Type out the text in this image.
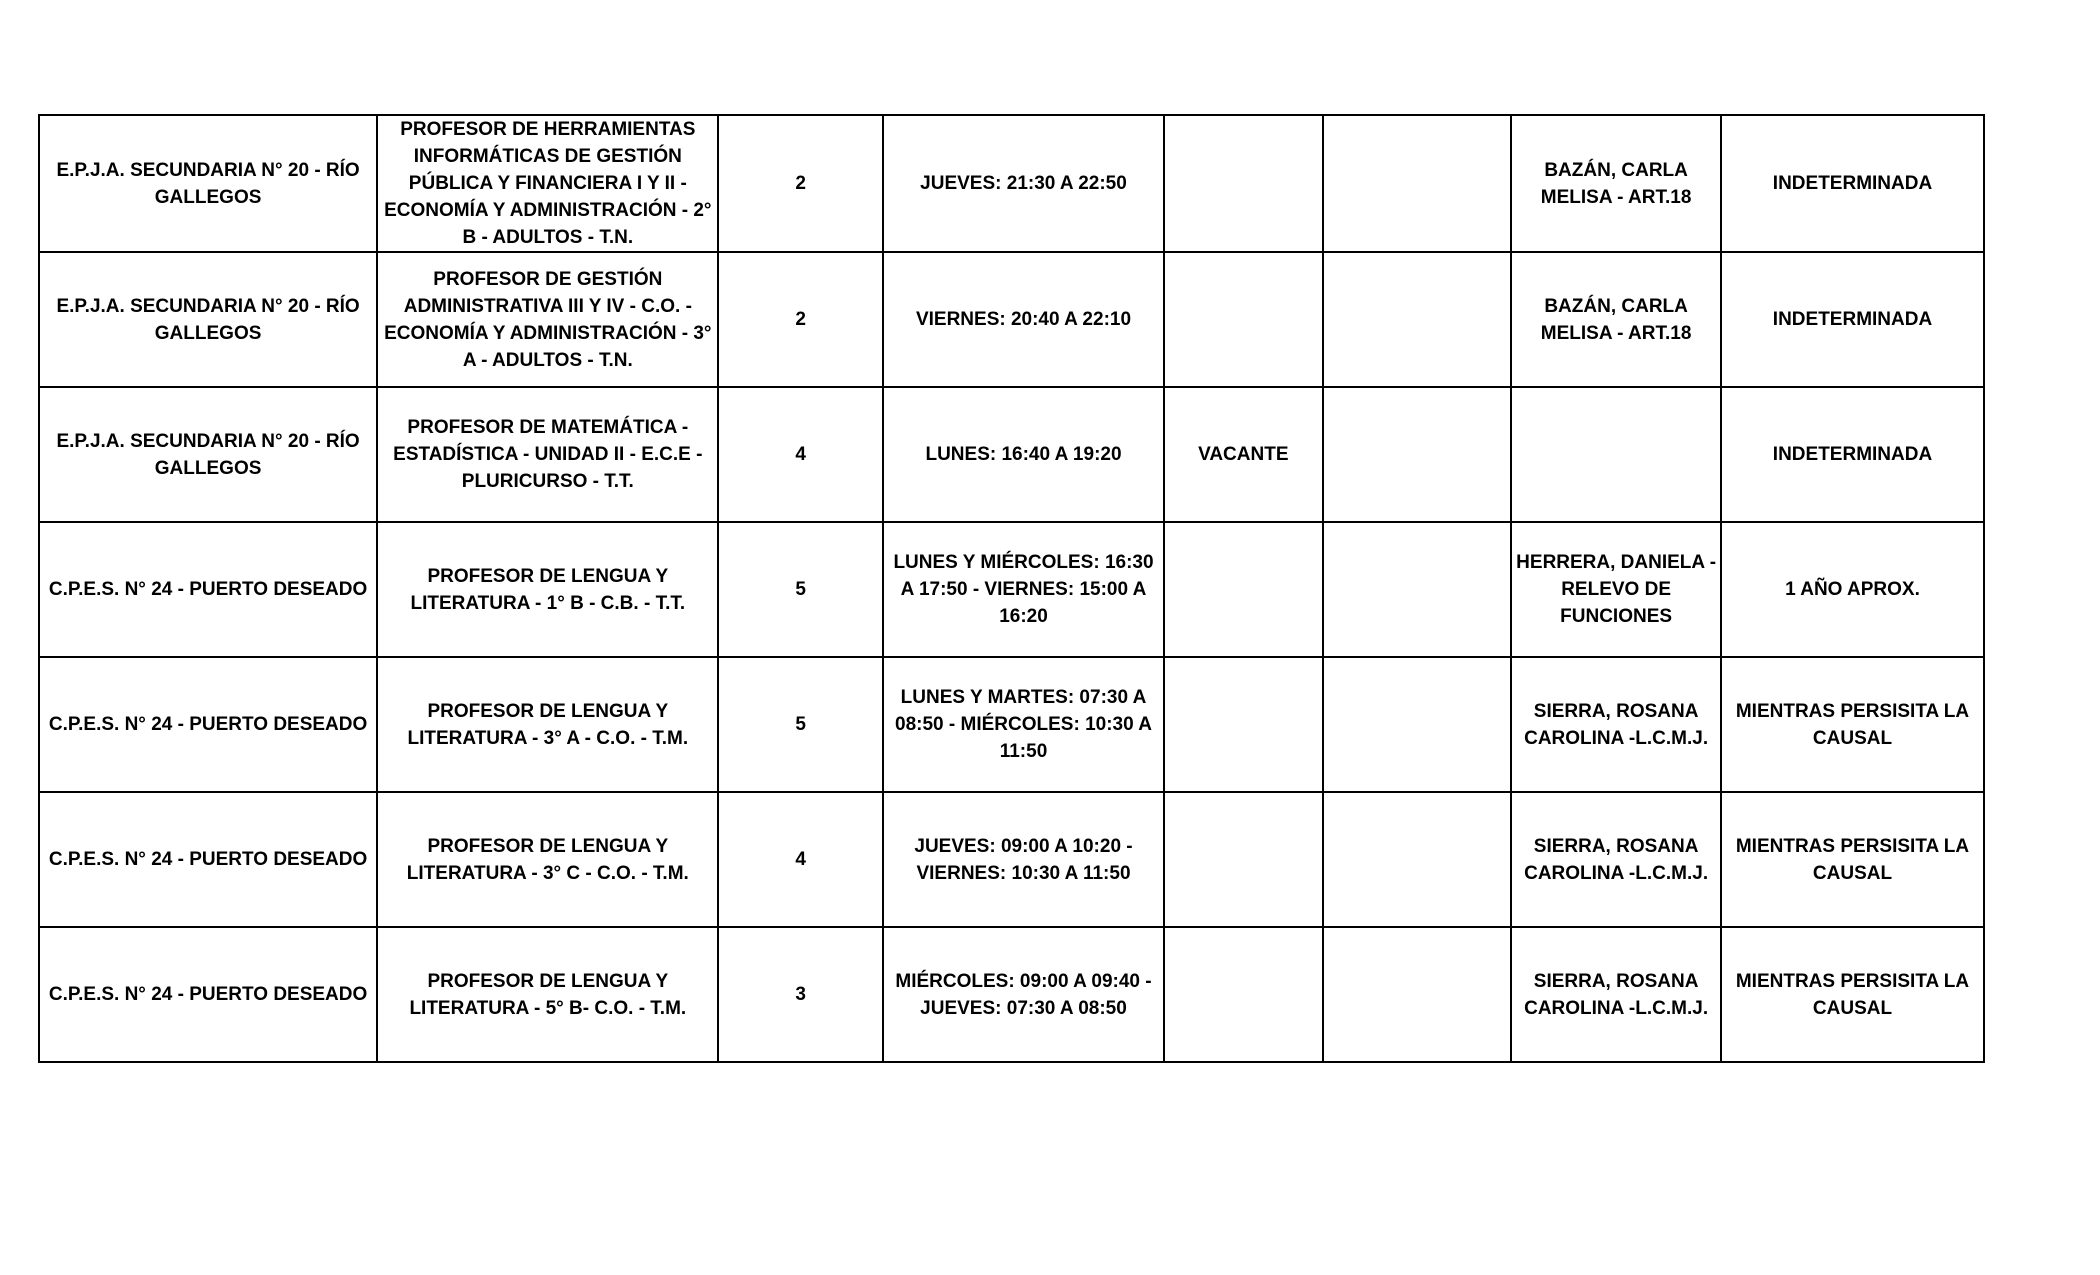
E.P.J.A. SECUNDARIA N° 20 - RÍO GALLEGOS	PROFESOR DE HERRAMIENTAS INFORMÁTICAS DE GESTIÓN PÚBLICA Y FINANCIERA I Y II - ECONOMÍA Y ADMINISTRACIÓN - 2° B - ADULTOS - T.N.	2	JUEVES: 21:30 A 22:50			BAZÁN, CARLA MELISA - ART.18	INDETERMINADA
E.P.J.A. SECUNDARIA N° 20 - RÍO GALLEGOS	PROFESOR DE GESTIÓN ADMINISTRATIVA III Y IV - C.O. - ECONOMÍA Y ADMINISTRACIÓN - 3° A - ADULTOS - T.N.	2	VIERNES: 20:40 A 22:10			BAZÁN, CARLA MELISA - ART.18	INDETERMINADA
E.P.J.A. SECUNDARIA N° 20 - RÍO GALLEGOS	PROFESOR DE MATEMÁTICA - ESTADÍSTICA - UNIDAD II - E.C.E - PLURICURSO - T.T.	4	LUNES: 16:40 A 19:20	VACANTE			INDETERMINADA
C.P.E.S. N° 24 - PUERTO DESEADO	PROFESOR DE LENGUA Y LITERATURA - 1° B - C.B. - T.T.	5	LUNES Y MIÉRCOLES: 16:30 A 17:50 - VIERNES: 15:00 A 16:20			HERRERA, DANIELA - RELEVO DE FUNCIONES	1 AÑO APROX.
C.P.E.S. N° 24 - PUERTO DESEADO	PROFESOR DE LENGUA Y LITERATURA - 3° A - C.O. - T.M.	5	LUNES Y MARTES: 07:30 A 08:50 - MIÉRCOLES: 10:30 A 11:50			SIERRA, ROSANA CAROLINA -L.C.M.J.	MIENTRAS PERSISITA LA CAUSAL
C.P.E.S. N° 24 - PUERTO DESEADO	PROFESOR DE LENGUA Y LITERATURA - 3° C - C.O. - T.M.	4	JUEVES: 09:00 A 10:20 - VIERNES: 10:30 A 11:50			SIERRA, ROSANA CAROLINA -L.C.M.J.	MIENTRAS PERSISITA LA CAUSAL
C.P.E.S. N° 24 - PUERTO DESEADO	PROFESOR DE LENGUA Y LITERATURA - 5° B- C.O. - T.M.	3	MIÉRCOLES: 09:00 A 09:40 - JUEVES: 07:30 A 08:50			SIERRA, ROSANA CAROLINA -L.C.M.J.	MIENTRAS PERSISITA LA CAUSAL
